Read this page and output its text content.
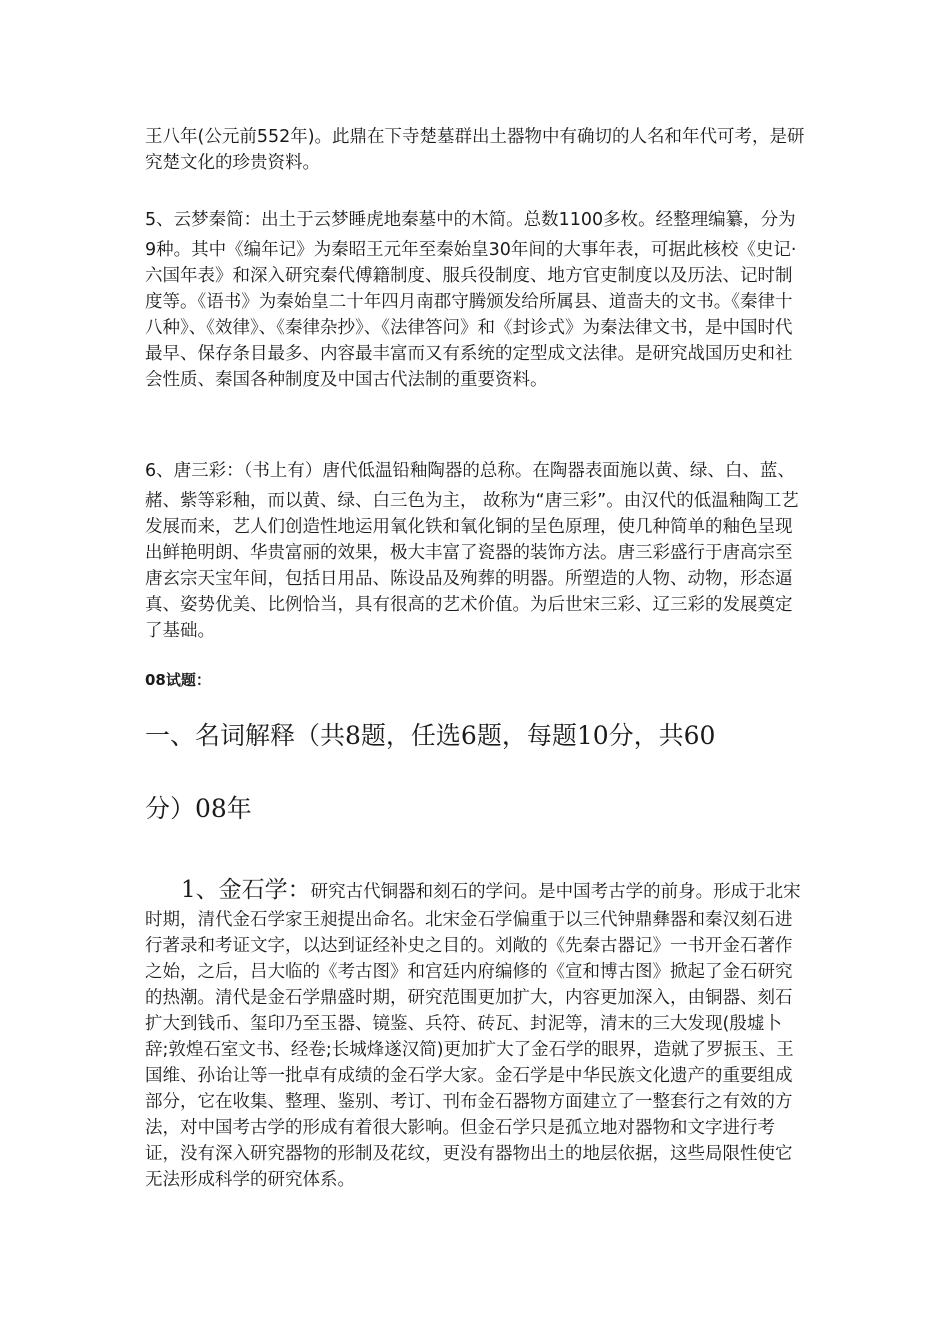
王八年(公元前552年)。此鼎在下寺楚墓群出土器物中有确切的人名和年代可考，是研究楚文化的珍贵资料。

5、云梦秦简：出土于云梦睡虎地秦墓中的木简。总数1100多枚。经整理编纂，分为9种。其中《编年记》为秦昭王元年至秦始皇30年间的大事年表，可据此核校《史记·六国年表》和深入研究秦代傅籍制度、服兵役制度、地方官吏制度以及历法、记时制度等。《语书》为秦始皇二十年四月南郡守腾颁发给所属县、道啬夫的文书。《秦律十八种》、《效律》、《秦律杂抄》、《法律答问》和《封诊式》为秦法律文书，是中国时代最早、保存条目最多、内容最丰富而又有系统的定型成文法律。是研究战国历史和社会性质、秦国各种制度及中国古代法制的重要资料。

6、唐三彩：（书上有）唐代低温铅釉陶器的总称。在陶器表面施以黄、绿、白、蓝、赭、紫等彩釉，而以黄、绿、白三色为主， 故称为“唐三彩”。由汉代的低温釉陶工艺发展而来，艺人们创造性地运用氧化铁和氧化铜的呈色原理，使几种简单的釉色呈现出鲜艳明朗、华贵富丽的效果，极大丰富了瓷器的装饰方法。唐三彩盛行于唐高宗至唐玄宗天宝年间，包括日用品、陈设品及殉葬的明器。所塑造的人物、动物，形态逼真、姿势优美、比例恰当，具有很高的艺术价值。为后世宋三彩、辽三彩的发展奠定了基础。

08试题：

一、名词解释（共8题，任选6题，每题10分，共60
分）08年

1、金石学：研究古代铜器和刻石的学问。是中国考古学的前身。形成于北宋时期，清代金石学家王昶提出命名。北宋金石学偏重于以三代钟鼎彝器和秦汉刻石进行著录和考证文字，以达到证经补史之目的。刘敞的《先秦古器记》一书开金石著作之始，之后，吕大临的《考古图》和宫廷内府编修的《宣和博古图》掀起了金石研究的热潮。清代是金石学鼎盛时期，研究范围更加扩大，内容更加深入，由铜器、刻石扩大到钱币、玺印乃至玉器、镜鉴、兵符、砖瓦、封泥等，清末的三大发现(殷墟卜辞;敦煌石室文书、经卷;长城烽遂汉简)更加扩大了金石学的眼界，造就了罗振玉、王国维、孙诒让等一批卓有成绩的金石学大家。金石学是中华民族文化遗产的重要组成部分，它在收集、整理、鉴别、考订、刊布金石器物方面建立了一整套行之有效的方法，对中国考古学的形成有着很大影响。但金石学只是孤立地对器物和文字进行考证，没有深入研究器物的形制及花纹，更没有器物出土的地层依据，这些局限性使它无法形成科学的研究体系。
